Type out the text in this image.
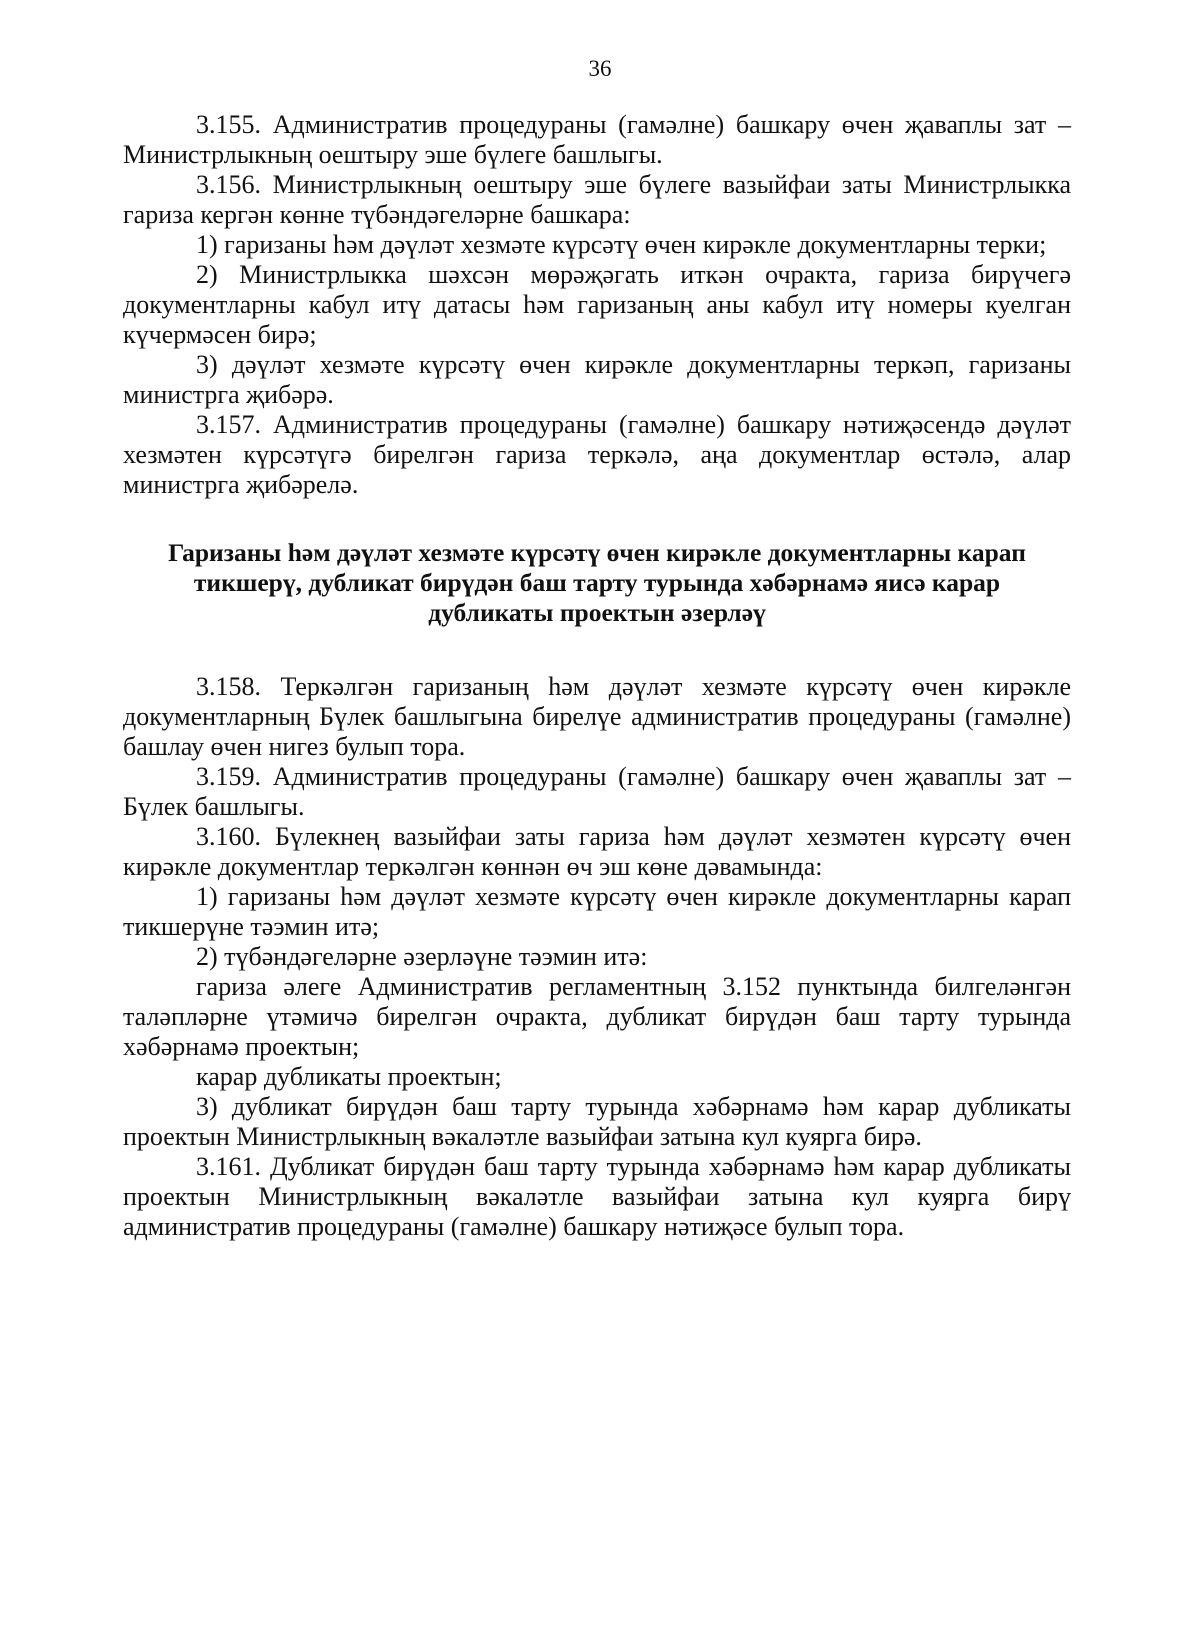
36

3.155. Административ процедураны (гамәлне) башкару өчен җаваплы зат – Министрлыкның оештыру эше бүлеге башлыгы.

3.156. Министрлыкның оештыру эше бүлеге вазыйфаи заты Министрлыкка гариза кергән көнне түбәндәгеләрне башкара:

1) гаризаны һәм дәүләт хезмәте күрсәтү өчен кирәкле документларны терки;

2) Министрлыкка шәхсән мөрәҗәгать иткән очракта, гариза бирүчегә документларны кабул итү датасы һәм гаризаның аны кабул итү номеры куелган күчермәсен бирә;

3) дәүләт хезмәте күрсәтү өчен кирәкле документларны теркәп, гаризаны министрга җибәрә.

3.157. Административ процедураны (гамәлне) башкару нәтиҗәсендә дәүләт хезмәтен күрсәтүгә бирелгән гариза теркәлә, аңа документлар өстәлә, алар министрга җибәрелә.

Гаризаны һәм дәүләт хезмәте күрсәтү өчен кирәкле документларны карап тикшерү, дубликат бирүдән баш тарту турында хәбәрнамә яисә карар дубликаты проектын әзерләү

3.158. Теркәлгән гаризаның һәм дәүләт хезмәте күрсәтү өчен кирәкле документларның Бүлек башлыгына бирелүе административ процедураны (гамәлне) башлау өчен нигез булып тора.

3.159. Административ процедураны (гамәлне) башкару өчен җаваплы зат – Бүлек башлыгы.

3.160. Бүлекнең вазыйфаи заты гариза һәм дәүләт хезмәтен күрсәтү өчен кирәкле документлар теркәлгән көннән өч эш көне дәвамында:

1) гаризаны һәм дәүләт хезмәте күрсәтү өчен кирәкле документларны карап тикшерүне тәэмин итә;

2) түбәндәгеләрне әзерләүне тәэмин итә:

гариза әлеге Административ регламентның 3.152 пунктында билгеләнгән таләпләрне үтәмичә бирелгән очракта, дубликат бирүдән баш тарту турында хәбәрнамә проектын;

карар дубликаты проектын;

3) дубликат бирүдән баш тарту турында хәбәрнамә һәм карар дубликаты проектын Министрлыкның вәкаләтле вазыйфаи затына кул куярга бирә.

3.161. Дубликат бирүдән баш тарту турында хәбәрнамә һәм карар дубликаты проектын Министрлыкның вәкаләтле вазыйфаи затына кул куярга бирү административ процедураны (гамәлне) башкару нәтиҗәсе булып тора.
